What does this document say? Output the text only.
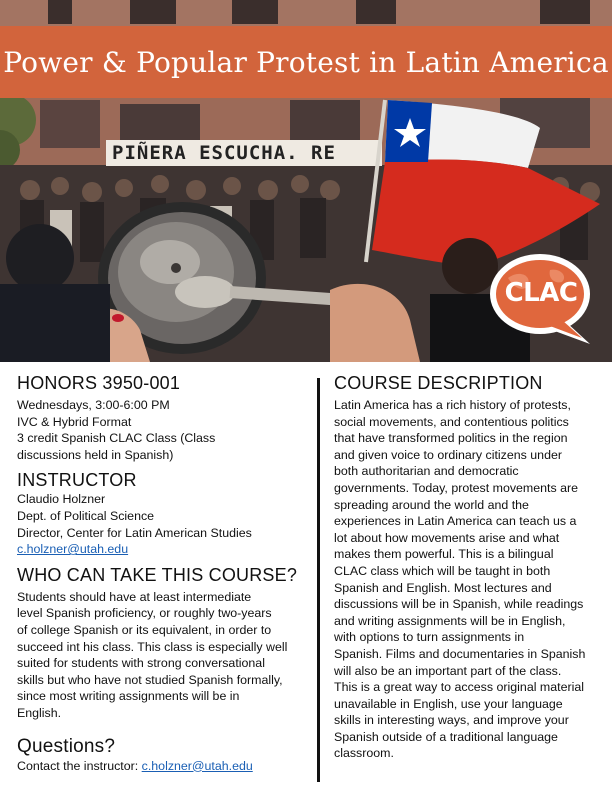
PIÑERA ESCUCHA. RE
CLAC
Power & Popular Protest in Latin America
HONORS 3950-001
Wednesdays, 3:00-6:00 PM
IVC & Hybrid Format
3 credit Spanish CLAC Class (Class
discussions held in Spanish)
INSTRUCTOR
Claudio Holzner
Dept. of Political Science
Director, Center for Latin American Studies
c.holzner@utah.edu
WHO CAN TAKE THIS COURSE?
Students should have at least intermediate
level Spanish proficiency, or roughly two-years
of college Spanish or its equivalent, in order to
succeed int his class. This class is especially well
suited for students with strong conversational
skills but who have not studied Spanish formally,
since most writing assignments will be in
English.
Questions?
Contact the instructor: c.holzner@utah.edu
COURSE DESCRIPTION
Latin America has a rich history of protests,
social movements, and contentious politics
that have transformed politics in the region
and given voice to ordinary citizens under
both authoritarian and democratic
governments. Today, protest movements are
spreading around the world and the
experiences in Latin America can teach us a
lot about how movements arise and what
makes them powerful. This is a bilingual
CLAC class which will be taught in both
Spanish and English. Most lectures and
discussions will be in Spanish, while readings
and writing assignments will be in English,
with options to turn assignments in
Spanish. Films and documentaries in Spanish
will also be an important part of the class.
This is a great way to access original material
unavailable in English, use your language
skills in interesting ways, and improve your
Spanish outside of a traditional language
classroom.
